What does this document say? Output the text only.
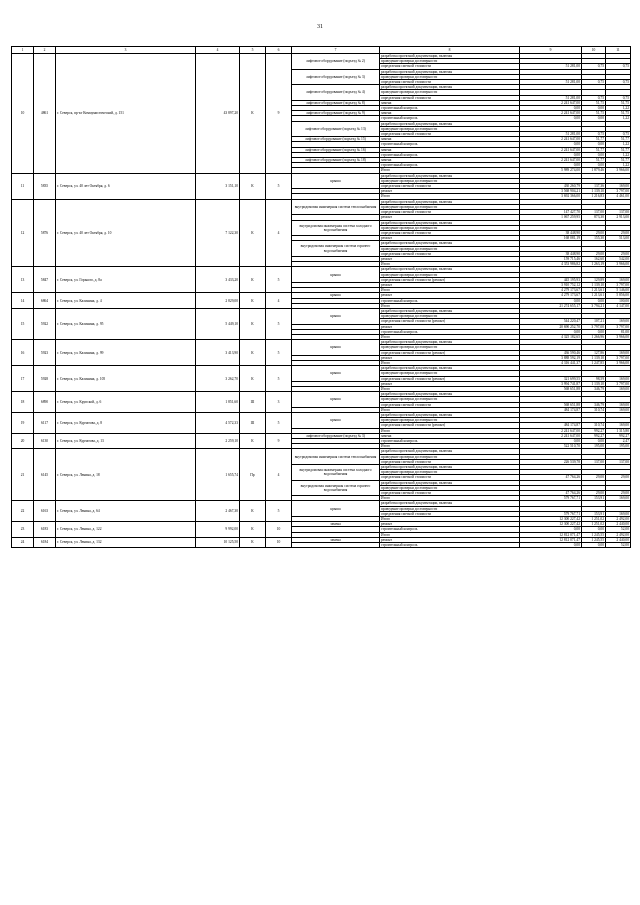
31
1	2	3	4	5	6	7	8	9	10	11
10	4861	г. Северск, пр-кт Коммунистический, д. 151	43 897,20	К	9	лифтовое оборудование (подъезд № 2)	разработка проектной документации, включая			
							проведение проверки достоверности			
							определения сметной стоимости	51 281,00	0,75	0,75
						лифтовое оборудование (подъезд № 3)	разработка проектной документации, включая			
							проведение проверки достоверности			
							определения сметной стоимости	51 281,00	0,75	0,75
						лифтовое оборудование (подъезд № 4)	разработка проектной документации, включая			
							проведение проверки достоверности			
							определения сметной стоимости	51 281,00	0,75	0,75
						лифтовое оборудование (подъезд № 8)	замена	2 241 647,00	51,75	51,75
							строительный контроль	0,00	0,00	1,22
						лифтовое оборудование (подъезд № 9)	замена	2 241 647,00	51,75	51,75
							строительный контроль	0,00	0,00	1,22
						лифтовое оборудование (подъезд № 13)	разработка проектной документации, включая			
							проведение проверки достоверности			
							определения сметной стоимости	51 281,00	0,75	0,75
						лифтовое оборудование (подъезд № 15)	замена	2 241 647,00	51,77	51,77
							строительный контроль	0,00	0,00	1,22
						лифтовое оборудование (подъезд № 16)	замена	2 241 647,00	51,77	51,77
							строительный контроль	0,00	0,00	1,22
						лифтовое оборудование (подъезд № 18)	замена	2 241 647,00	51,77	51,77
							строительный контроль	0,00	0,00	1,22
							Итого	5 989 274,00	1 879,46	3 966,00
11	5835	г. Северск, ул. 40 лет Октября, д. 6	3 151,10	К	5	крыша	разработка проектной документации, включая			
							проведение проверки достоверности			
							определения сметной стоимости	430 260,79	137,36	169,00
							ремонт	3 568 904,21	1 139,10	3 797,00
							Итого	3 692 366,00	1 216,83	4 461,00
12	5876	г. Северск, ул. 40 лет Октября, д. 10	7 122,30	К	4	внутридомовая инженерная система теплоснабжения	разработка проектной документации, включая			
							проведение проверки достоверности			
							определения сметной стоимости	147 427,70	137,00	137,00
							ремонт	1 067 259,95	873,30	2 913,00
						внутридомовая инженерная система холодного водоснабжения	разработка проектной документации, включая			
							проведение проверки достоверности			
							определения сметной стоимости	38 448,90	29,00	29,00
							ремонт	168 081,19	155,30	513,00
						внутридомовая инженерная система горячего водоснабжения	разработка проектной документации, включая			
							проведение проверки достоверности			
							определения сметной стоимости	38 448,90	29,00	29,00
							ремонт	159 715,46	162,60	542,00
							Итого	4 353 986,82	1 263,19	3 966,00
13	5847	г. Северск, ул. Горького, д. 8а	3 433,20	К	5	крыша	разработка проектной документации, включая			
							проведение проверки достоверности			
							определения сметной стоимости (ремонт)	445 195,93	129,89	169,00
							ремонт	3 910 752,12	1 139,10	3 797,00
							Итого	4 279 173,67	1 213,61	5 146,00
14	6864	г. Северск, ул. Калинина, д. 4	2 829,00	К	4	крыша	ремонт	4 279 173,67	1 213,61	5 856,00
							строительный контроль	0,00	0,00	100,00
							Итого	21 274 655,17	3 794,21	4 147,00
15	5922	г. Северск, ул. Калинина, д. 95	5 449,10	К	5	крыша	разработка проектной документации, включая			
							проведение проверки достоверности			
							определения сметной стоимости (ремонт)	544 220,47	107,21	169,00
							ремонт	20 690 252,70	3 797,00	3 797,00
							строительный контроль	0,00	0,00	81,00
							Итого	4 325 182,65	1 266,96	3 966,00
16	5923	г. Северск, ул. Калинина, д. 99	3 413,90	К	5	крыша	разработка проектной документации, включая			
							проведение проверки достоверности			
							определения сметной стоимости (ремонт)	436 590,46	127,86	169,00
							ремонт	3 888 592,19	1 139,10	3 797,00
							Итого	4 316 441,37	1 247,85	3 966,00
17	5928	г. Северск, ул. Калинина, д. 105	3 262,70	К	5	крыша	разработка проектной документации, включая			
							проведение проверки достоверности			
							определения сметной стоимости (ремонт)	321 699,55	98,59	169,00
							ремонт	3 994 741,87	1 139,10	3 797,00
							Итого	568 651,88	346,79	169,00
18	6890	г. Северск, ул. Крупской, д. 6	1 851,60	Ш	3	крыша	разработка проектной документации, включая			
							проведение проверки достоверности			
							определения сметной стоимости	568 651,88	346,79	169,00
							Итого	484 174,87	310,74	169,00
19	6117	г. Северск, ул. Курчатова, д. 8	4 572,33	Ш	5	крыша	разработка проектной документации, включая			
							проведение проверки достоверности			
							определения сметной стоимости (ремонт)	484 174,87	310,74	169,00
							Итого	2 241 647,00	992,27	1 315,80
20	6130	г. Северск, ул. Курчатова, д. 13	2 259,10	К	9	лифтовое оборудование (подъезд № 3)	замена	2 241 647,00	992,27	992,27
							строительный контроль	0,00	0,00	2,47
							Итого	522 510,70	195,00	195,00
21	6145	г. Северск, ул. Ленина, д. 18	1 655,74	Пр	4	внутридомовая инженерная система теплоснабжения	разработка проектной документации, включая			
							проведение проверки достоверности			
							определения сметной стоимости	226 539,78	137,00	137,00
						внутридомовая инженерная система холодного водоснабжения	разработка проектной документации, включая			
							проведение проверки достоверности			
							определения сметной стоимости	47 764,26	29,00	29,00
						внутридомовая инженерная система горячего водоснабжения	разработка проектной документации, включая			
							проведение проверки достоверности			
							определения сметной стоимости	47 764,26	29,00	29,00
							Итого	579 767,71	153,91	169,00
22	6163	г. Северск, ул. Ленина, д. 64	2 467,30	К	5	крыша	разработка проектной документации, включая			
							проведение проверки достоверности			
							определения сметной стоимости	579 767,71	153,91	169,00
							Итого	12 300 227,42	1 251,02	2 492,00
23	6183	г. Северск, ул. Ленина, д. 122	9 992,00	К	10	замена	ремонт	12 300 227,42	1 251,02	2 440,00
							строительный контроль	0,00	0,00	52,00
							Итого	12 812 071,47	1 245,55	2 492,00
24	6184	г. Северск, ул. Ленина, д. 132	10 125,50	К	10	замена	ремонт	12 812 071,47	1 245,55	2 440,00
							строительный контроль	0,00	0,00	52,00
